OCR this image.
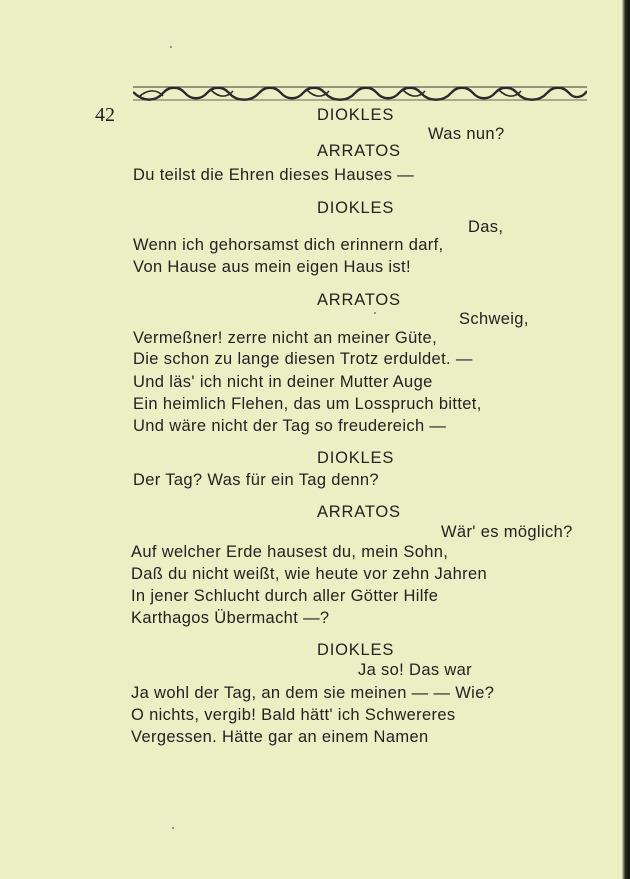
42	DIOKLES
Was nun?
ARRATOS
Du teilst die Ehren dieses Hauses —
DIOKLES
Das,
Wenn ich gehorsamst dich erinnern darf,
Von Hause aus mein eigen Haus ist!
ARRATOS
Schweig,
Vermeßner! zerre nicht an meiner Güte,
Die schon zu lange diesen Trotz erduldet. —
Und läs' ich nicht in deiner Mutter Auge
Ein heimlich Flehen, das um Losspruch bittet,
Und wäre nicht der Tag so freudereich —
DIOKLES
Der Tag? Was für ein Tag denn?
ARRATOS
Wär' es möglich?
Auf welcher Erde hausest du, mein Sohn,
Daß du nicht weißt, wie heute vor zehn Jahren
In jener Schlucht durch aller Götter Hilfe
Karthagos Übermacht —?
DIOKLES
Ja so! Das war
Ja wohl der Tag, an dem sie meinen — — Wie?
O nichts, vergib! Bald hätt' ich Schwereres
Vergessen. Hätte gar an einem Namen
